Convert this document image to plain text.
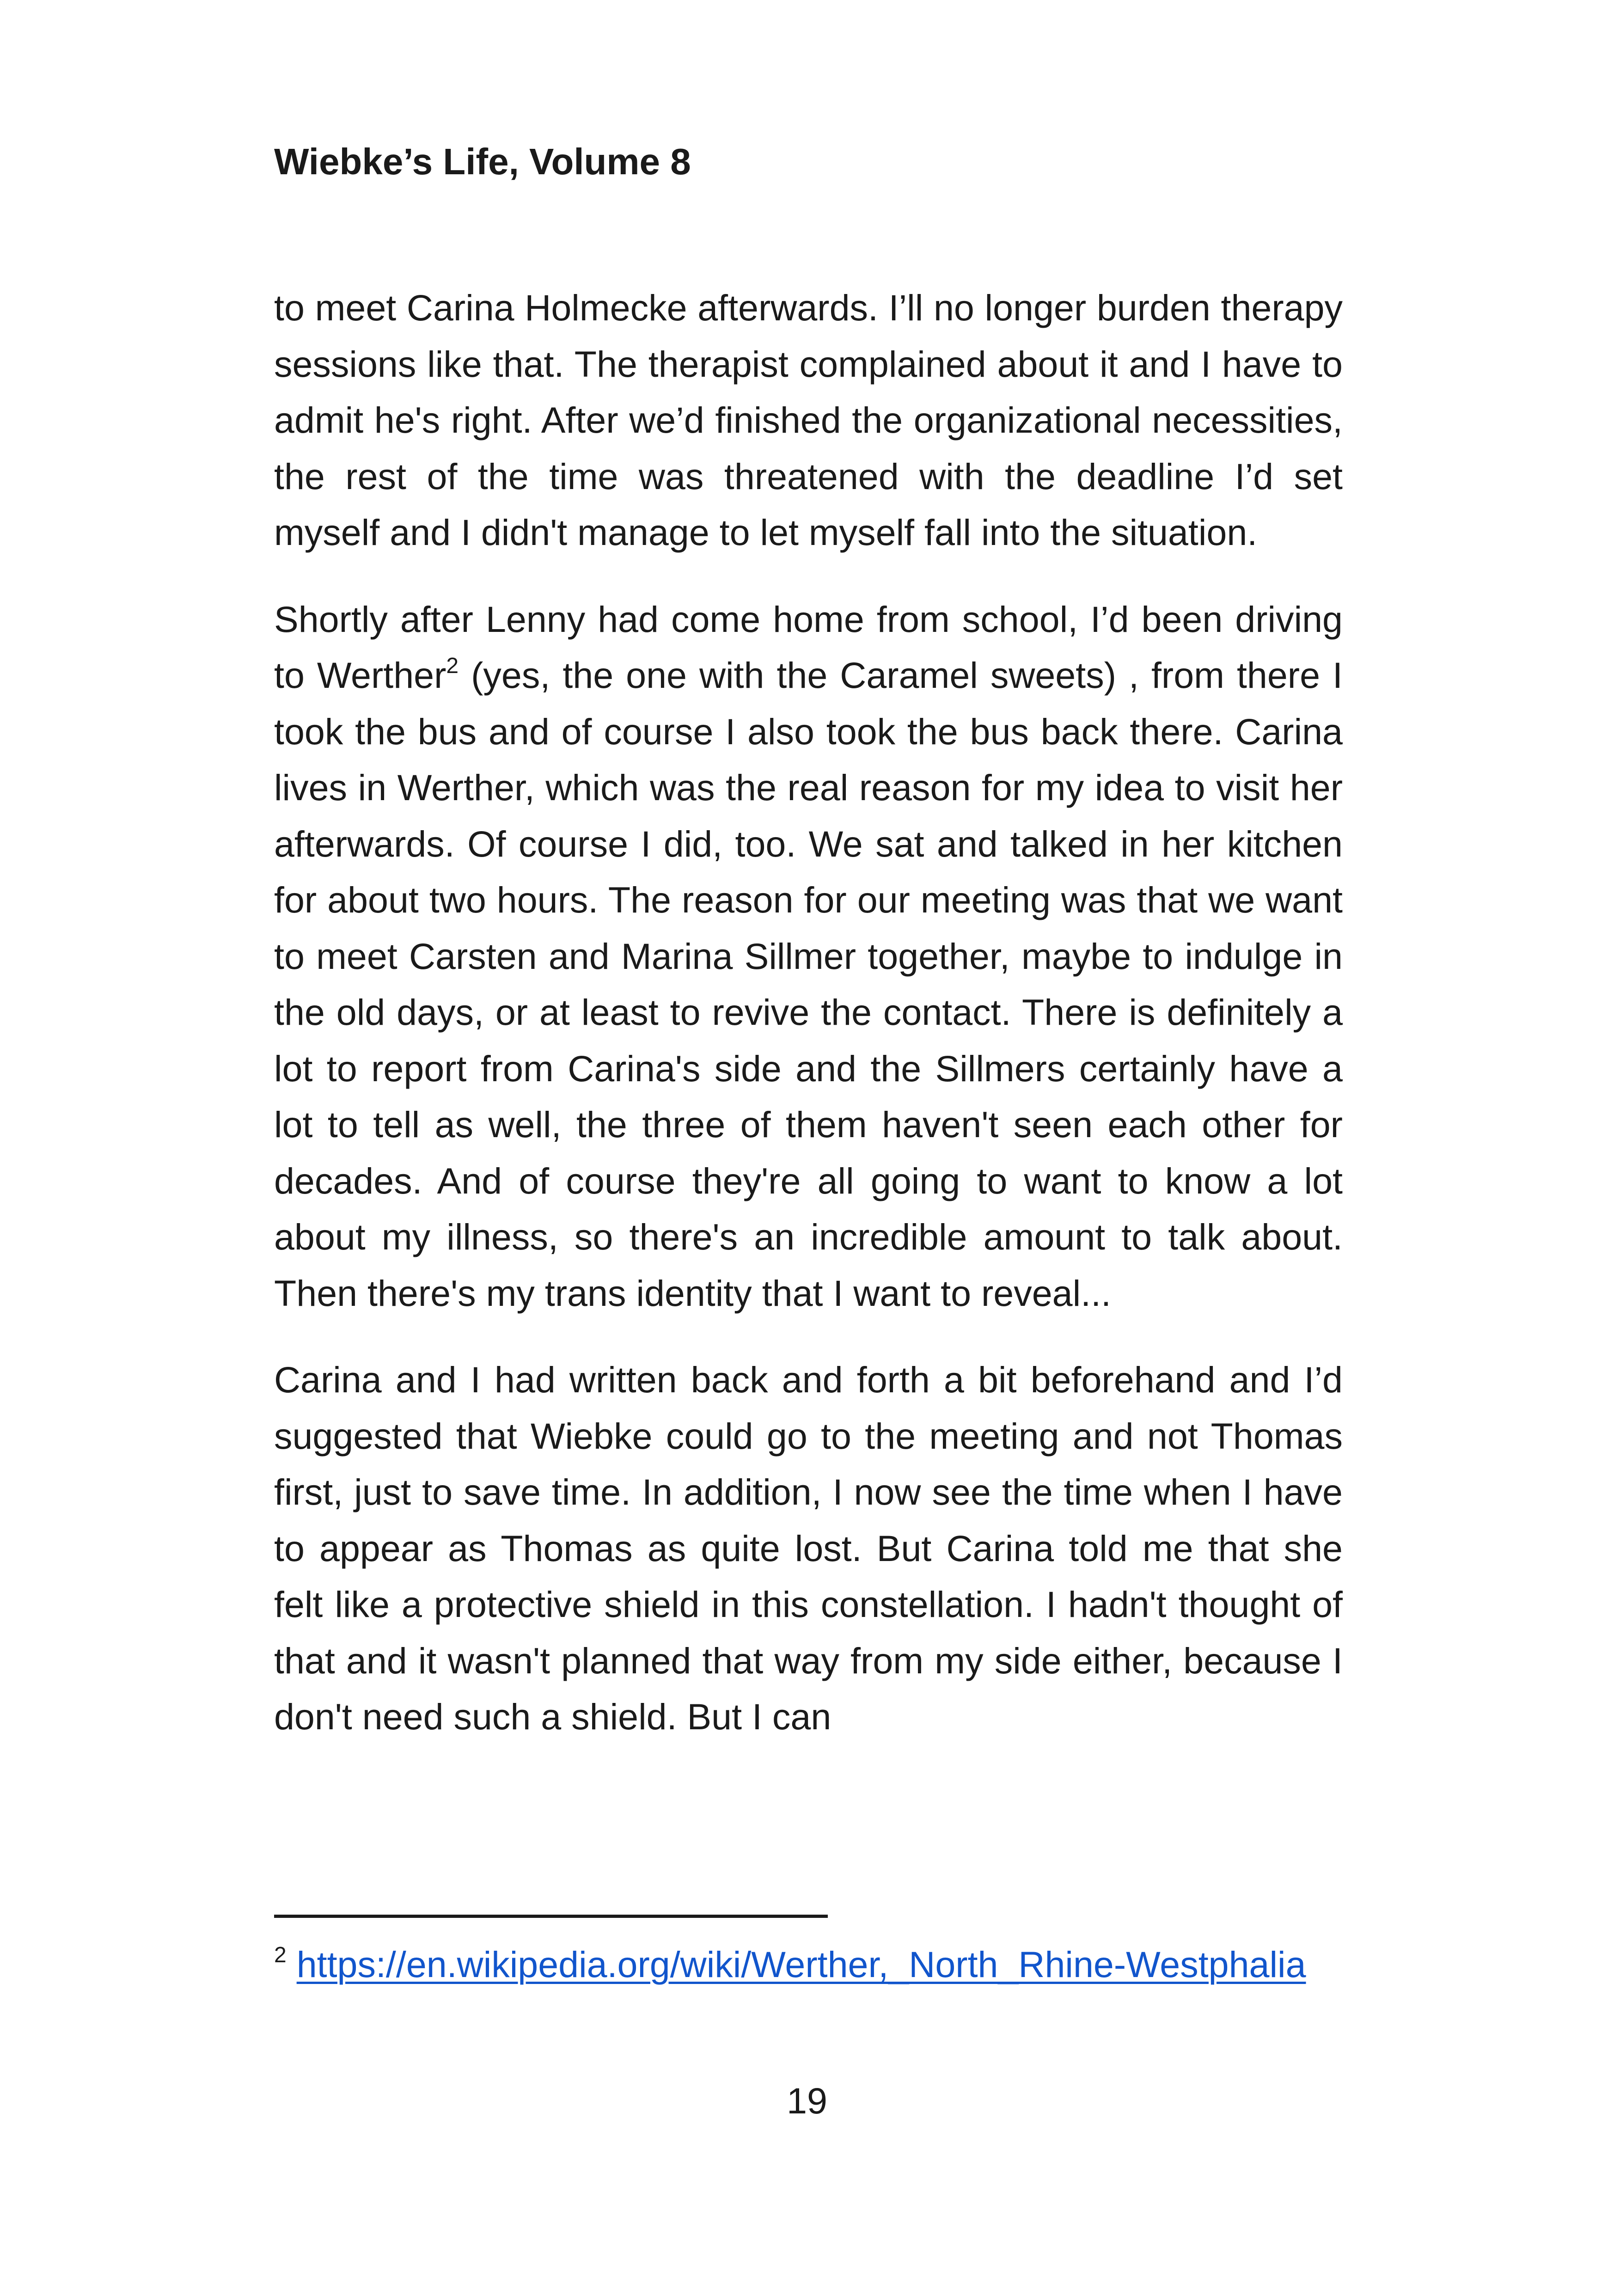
Wiebke’s Life, Volume 8

to meet Carina Holmecke afterwards. I’ll no longer burden therapy sessions like that. The therapist complained about it and I have to admit he's right. After we’d finished the organizational necessities, the rest of the time was threatened with the deadline I’d set myself and I didn't manage to let myself fall into the situation.

Shortly after Lenny had come home from school, I’d been driving to Werther$^2$ (yes, the one with the Caramel sweets) , from there I took the bus and of course I also took the bus back there. Carina lives in Werther, which was the real reason for my idea to visit her afterwards. Of course I did, too. We sat and talked in her kitchen for about two hours. The reason for our meeting was that we want to meet Carsten and Marina Sillmer together, maybe to indulge in the old days, or at least to revive the contact. There is definitely a lot to report from Carina's side and the Sillmers certainly have a lot to tell as well, the three of them haven't seen each other for decades. And of course they're all going to want to know a lot about my illness, so there's an incredible amount to talk about. Then there's my trans identity that I want to reveal...

Carina and I had written back and forth a bit beforehand and I’d suggested that Wiebke could go to the meeting and not Thomas first, just to save time. In addition, I now see the time when I have to appear as Thomas as quite lost. But Carina told me that she felt like a protective shield in this constellation. I hadn't thought of that and it wasn't planned that way from my side either, because I don't need such a shield. But I can

$^2$ https://en.wikipedia.org/wiki/Werther,_North_Rhine-Westphalia
19
